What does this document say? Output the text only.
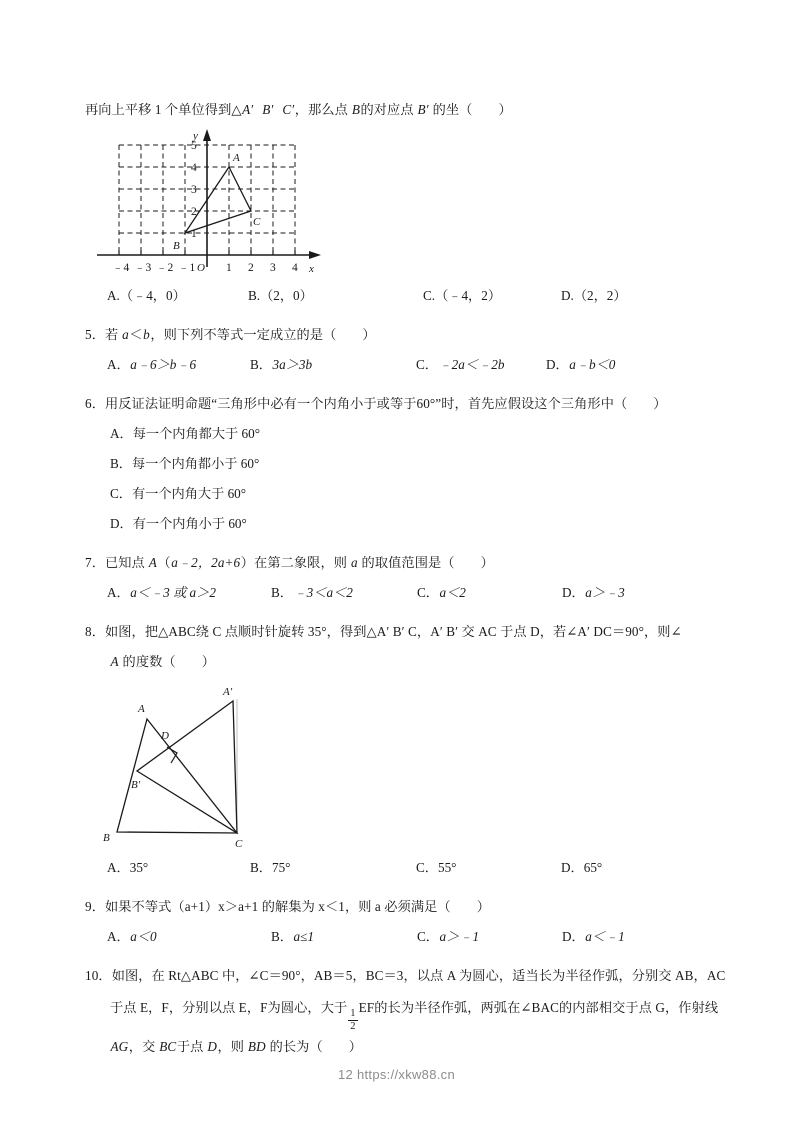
再向上平移 1 个单位得到△A′ B′ C′，那么点 B的对应点 B′ 的坐（ ）
A
B
C
1
2
3
4
5
y
﹣4 ﹣3 ﹣2 ﹣1 O 1 2 3 4 x
A.（﹣4，0）	B.（2，0）	C.（﹣4，2）	D.（2，2）
5．若 a＜b，则下列不等式一定成立的是（ ）
A．a﹣6＞b﹣6	B．3a＞3b	C．﹣2a＜﹣2b	D．a﹣b＜0
6．用反证法证明命题“三角形中必有一个内角小于或等于60°”时，首先应假设这个三角形中（ ）
A．每一个内角都大于 60°
B．每一个内角都小于 60°
C．有一个内角大于 60°
D．有一个内角小于 60°
7．已知点 A（a﹣2，2a+6）在第二象限，则 a 的取值范围是（ ）
A．a＜﹣3 或 a＞2	B．﹣3＜a＜2	C．a＜2	D．a＞﹣3
8．如图，把△ABC绕 C 点顺时针旋转 35°，得到△A′ B′ C，A′ B′ 交 AC 于点 D，若∠A′ DC＝90°，则∠
A 的度数（ ）
A
A′
B
B′
C
D
A．35°	B．75°	C．55°	D．65°
9．如果不等式（a+1）x＞a+1 的解集为 x＜1，则 a 必须满足（ ）
A．a＜0	B．a≤1	C．a＞﹣1	D．a＜﹣1
10．如图，在 Rt△ABC 中，∠C＝90°，AB＝5，BC＝3，以点 A 为圆心，适当长为半径作弧，分别交 AB，AC
于点 E，F，分别以点 E，F为圆心，大于
$\frac{1}{2}$
EF的长为半径作弧，两弧在∠BAC的内部相交于点 G，作射线
AG，交 BC于点 D，则 BD 的长为（ ）
12 https://xkw88.cn
